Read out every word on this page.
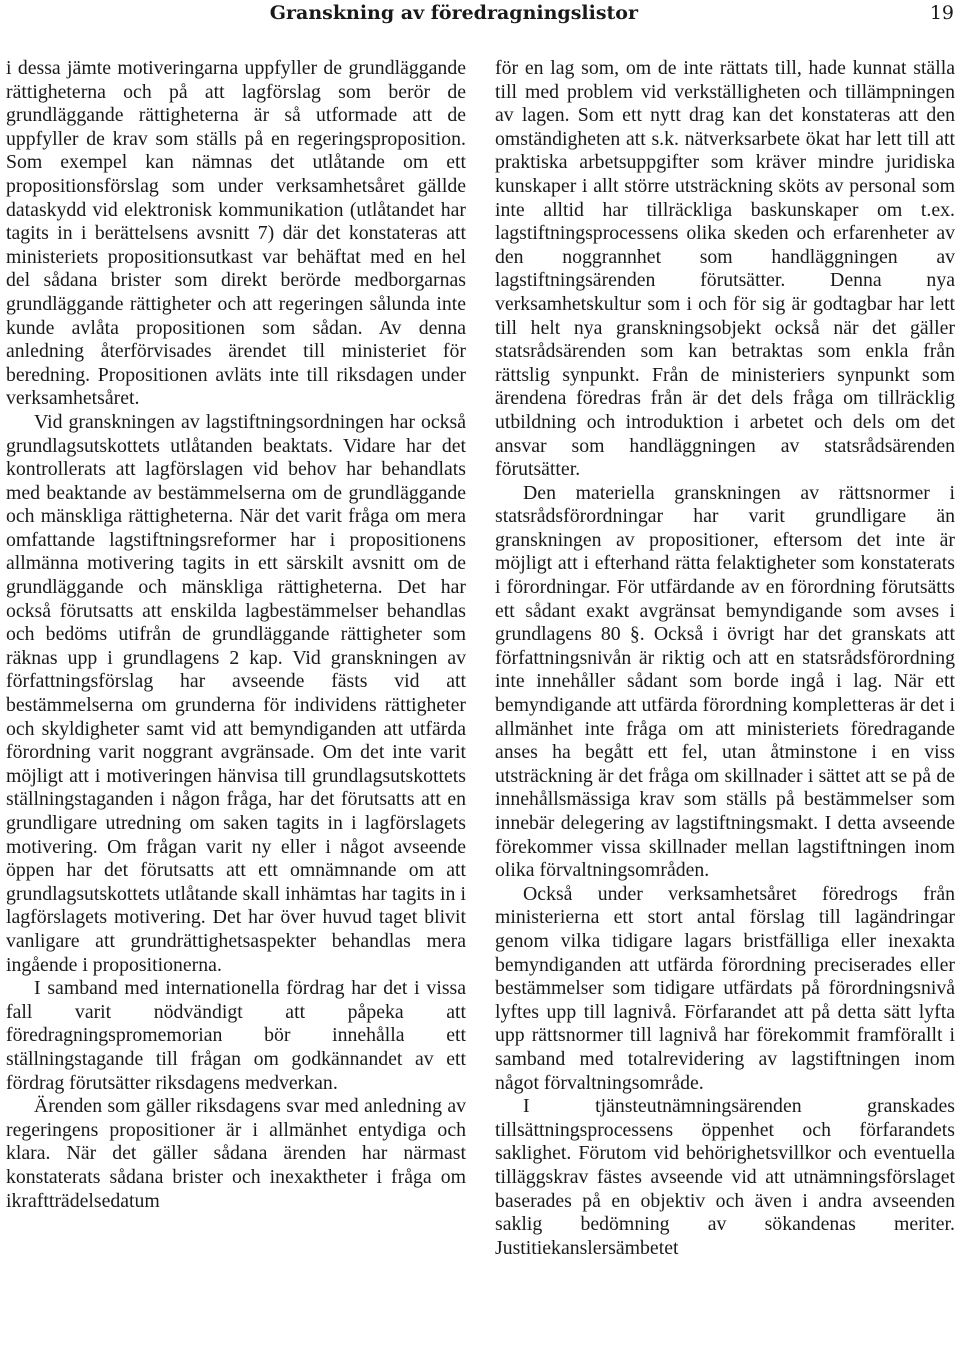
Granskning av föredragningslistor	19

i dessa jämte motiveringarna uppfyller de grundläggande rättigheterna och på att lagförslag som berör de grundläggande rättigheterna är så utformade att de uppfyller de krav som ställs på en regeringsproposition. Som exempel kan nämnas det utlåtande om ett propositionsförslag som under verksamhetsåret gällde dataskydd vid elektronisk kommunikation (utlåtandet har tagits in i berättelsens avsnitt 7) där det konstateras att ministeriets propositionsutkast var behäftat med en hel del sådana brister som direkt berörde medborgarnas grundläggande rättigheter och att regeringen sålunda inte kunde avlåta propositionen som sådan. Av denna anledning återförvisades ärendet till ministeriet för beredning. Propositionen avläts inte till riksdagen under verksamhetsåret.

Vid granskningen av lagstiftningsordningen har också grundlagsutskottets utlåtanden beaktats. Vidare har det kontrollerats att lagförslagen vid behov har behandlats med beaktande av bestämmelserna om de grundläggande och mänskliga rättigheterna. När det varit fråga om mera omfattande lagstiftningsreformer har i propositionens allmänna motivering tagits in ett särskilt avsnitt om de grundläggande och mänskliga rättigheterna. Det har också förutsatts att enskilda lagbestämmelser behandlas och bedöms utifrån de grundläggande rättigheter som räknas upp i grundlagens 2 kap. Vid granskningen av författningsförslag har avseende fästs vid att bestämmelserna om grunderna för individens rättigheter och skyldigheter samt vid att bemyndiganden att utfärda förordning varit noggrant avgränsade. Om det inte varit möjligt att i motiveringen hänvisa till grundlagsutskottets ställningstaganden i någon fråga, har det förutsatts att en grundligare utredning om saken tagits in i lagförslagets motivering. Om frågan varit ny eller i något avseende öppen har det förutsatts att ett omnämnande om att grundlagsutskottets utlåtande skall inhämtas har tagits in i lagförslagets motivering. Det har över huvud taget blivit vanligare att grundrättighetsaspekter behandlas mera ingående i propositionerna.

I samband med internationella fördrag har det i vissa fall varit nödvändigt att påpeka att föredragningspromemorian bör innehålla ett ställningstagande till frågan om godkännandet av ett fördrag förutsätter riksdagens medverkan.

Ärenden som gäller riksdagens svar med anledning av regeringens propositioner är i allmänhet entydiga och klara. När det gäller sådana ärenden har närmast konstaterats sådana brister och inexaktheter i fråga om ikraftträdelsedatum

för en lag som, om de inte rättats till, hade kunnat ställa till med problem vid verkställigheten och tillämpningen av lagen. Som ett nytt drag kan det konstateras att den omständigheten att s.k. nätverksarbete ökat har lett till att praktiska arbetsuppgifter som kräver mindre juridiska kunskaper i allt större utsträckning sköts av personal som inte alltid har tillräckliga baskunskaper om t.ex. lagstiftningsprocessens olika skeden och erfarenheter av den noggrannhet som handläggningen av lagstiftningsärenden förutsätter. Denna nya verksamhetskultur som i och för sig är godtagbar har lett till helt nya granskningsobjekt också när det gäller statsrådsärenden som kan betraktas som enkla från rättslig synpunkt. Från de ministeriers synpunkt som ärendena föredras från är det dels fråga om tillräcklig utbildning och introduktion i arbetet och dels om det ansvar som handläggningen av statsrådsärenden förutsätter.

Den materiella granskningen av rättsnormer i statsrådsförordningar har varit grundligare än granskningen av propositioner, eftersom det inte är möjligt att i efterhand rätta felaktigheter som konstaterats i förordningar. För utfärdande av en förordning förutsätts ett sådant exakt avgränsat bemyndigande som avses i grundlagens 80 §. Också i övrigt har det granskats att författningsnivån är riktig och att en statsrådsförordning inte innehåller sådant som borde ingå i lag. När ett bemyndigande att utfärda förordning kompletteras är det i allmänhet inte fråga om att ministeriets föredragande anses ha begått ett fel, utan åtminstone i en viss utsträckning är det fråga om skillnader i sättet att se på de innehållsmässiga krav som ställs på bestämmelser som innebär delegering av lagstiftningsmakt. I detta avseende förekommer vissa skillnader mellan lagstiftningen inom olika förvaltningsområden.

Också under verksamhetsåret föredrogs från ministerierna ett stort antal förslag till lagändringar genom vilka tidigare lagars bristfälliga eller inexakta bemyndiganden att utfärda förordning preciserades eller bestämmelser som tidigare utfärdats på förordningsnivå lyftes upp till lagnivå. Förfarandet att på detta sätt lyfta upp rättsnormer till lagnivå har förekommit framförallt i samband med totalrevidering av lagstiftningen inom något förvaltningsområde.

I tjänsteutnämningsärenden granskades tillsättningsprocessens öppenhet och förfarandets saklighet. Förutom vid behörighetsvillkor och eventuella tilläggskrav fästes avseende vid att utnämningsförslaget baserades på en objektiv och även i andra avseenden saklig bedömning av sökandenas meriter. Justitiekanslersämbetet
